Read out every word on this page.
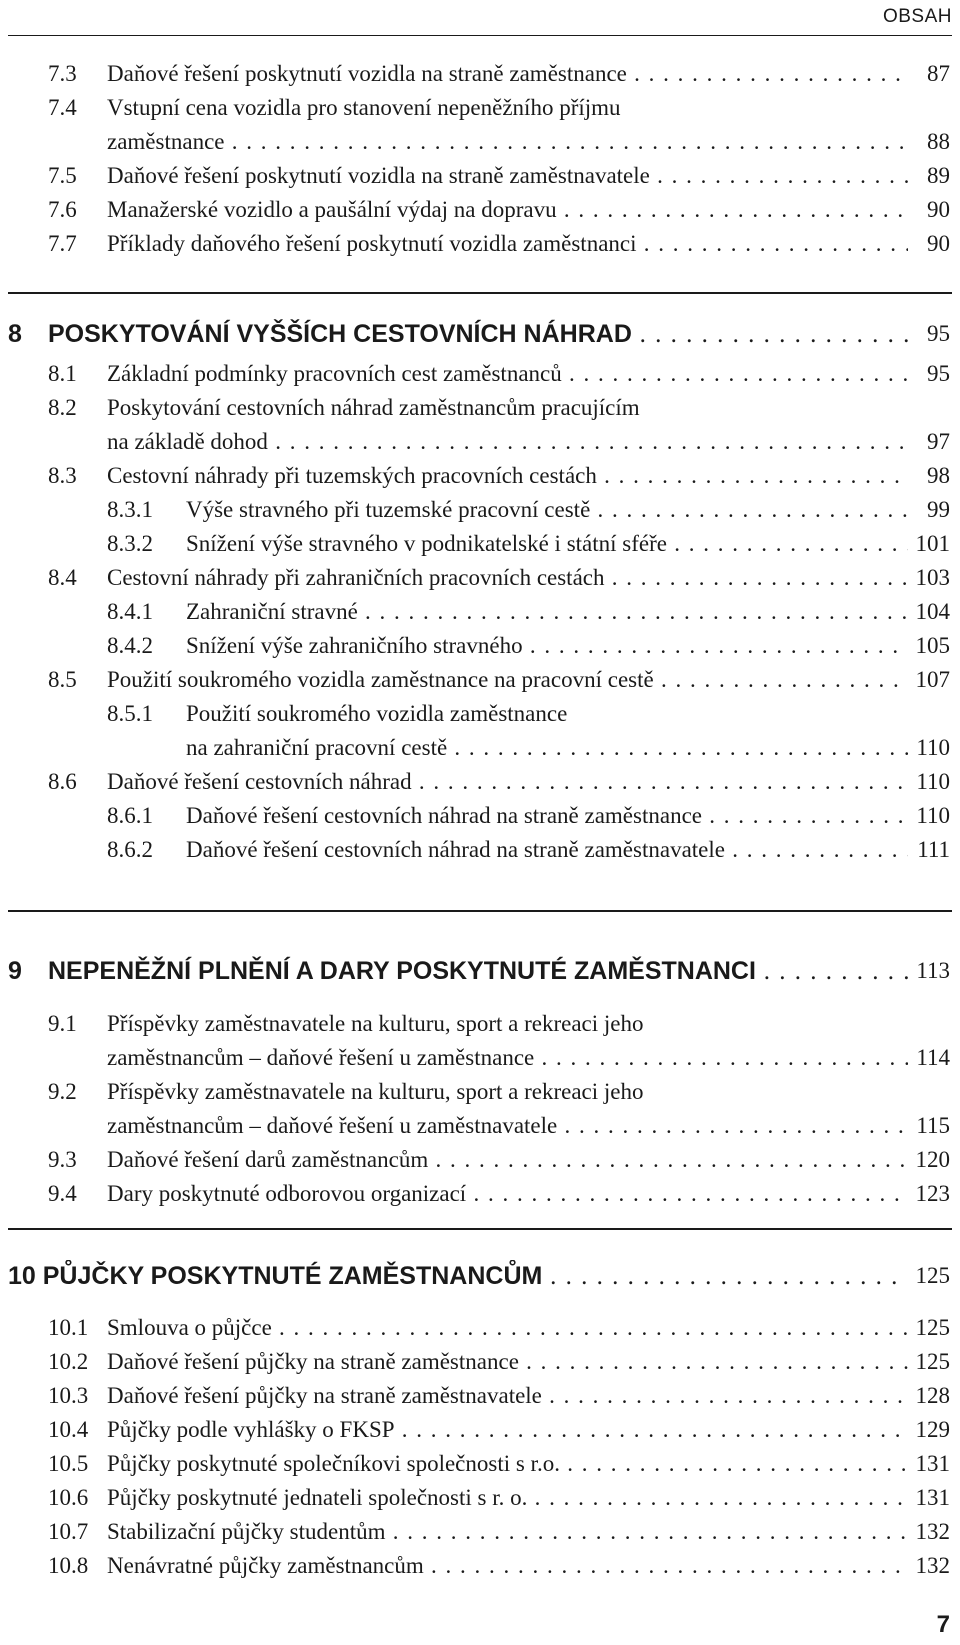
OBSAH
7.3 Daňové řešení poskytnutí vozidla na straně zaměstnance . . .	87
7.4 Vstupní cena vozidla pro stanovení nepeněžního příjmu
zaměstnance . . .	88
7.5 Daňové řešení poskytnutí vozidla na straně zaměstnavatele . . .	89
7.6 Manažerské vozidlo a paušální výdaj na dopravu . . .	90
7.7 Příklady daňového řešení poskytnutí vozidla zaměstnanci . . .	90
8 POSKYTOVÁNÍ VYŠŠÍCH CESTOVNÍCH NÁHRAD . . .	95
8.1 Základní podmínky pracovních cest zaměstnanců . . .	95
8.2 Poskytování cestovních náhrad zaměstnancům pracujícím
na základě dohod . . .	97
8.3 Cestovní náhrady při tuzemských pracovních cestách . . .	98
8.3.1 Výše stravného při tuzemské pracovní cestě . . .	99
8.3.2 Snížení výše stravného v podnikatelské i státní sféře . . .	101
8.4 Cestovní náhrady při zahraničních pracovních cestách . . .	103
8.4.1 Zahraniční stravné . . .	104
8.4.2 Snížení výše zahraničního stravného . . .	105
8.5 Použití soukromého vozidla zaměstnance na pracovní cestě . . .	107
8.5.1 Použití soukromého vozidla zaměstnance
na zahraniční pracovní cestě . . .	110
8.6 Daňové řešení cestovních náhrad . . .	110
8.6.1 Daňové řešení cestovních náhrad na straně zaměstnance . . .	110
8.6.2 Daňové řešení cestovních náhrad na straně zaměstnavatele . . .	111
9 NEPENĚŽNÍ PLNĚNÍ A DARY POSKYTNUTÉ ZAMĚSTNANCI . . .	113
9.1 Příspěvky zaměstnavatele na kulturu, sport a rekreaci jeho
zaměstnancům – daňové řešení u zaměstnance . . .	114
9.2 Příspěvky zaměstnavatele na kulturu, sport a rekreaci jeho
zaměstnancům – daňové řešení u zaměstnavatele . . .	115
9.3 Daňové řešení darů zaměstnancům . . .	120
9.4 Dary poskytnuté odborovou organizací . . .	123
10 PŮJČKY POSKYTNUTÉ ZAMĚSTNANCŮM . . .	125
10.1 Smlouva o půjčce . . .	125
10.2 Daňové řešení půjčky na straně zaměstnance . . .	125
10.3 Daňové řešení půjčky na straně zaměstnavatele . . .	128
10.4 Půjčky podle vyhlášky o FKSP . . .	129
10.5 Půjčky poskytnuté společníkovi společnosti s r.o. . . .	131
10.6 Půjčky poskytnuté jednateli společnosti s r. o. . . .	131
10.7 Stabilizační půjčky studentům . . .	132
10.8 Nenávratné půjčky zaměstnancům . . .	132
7
